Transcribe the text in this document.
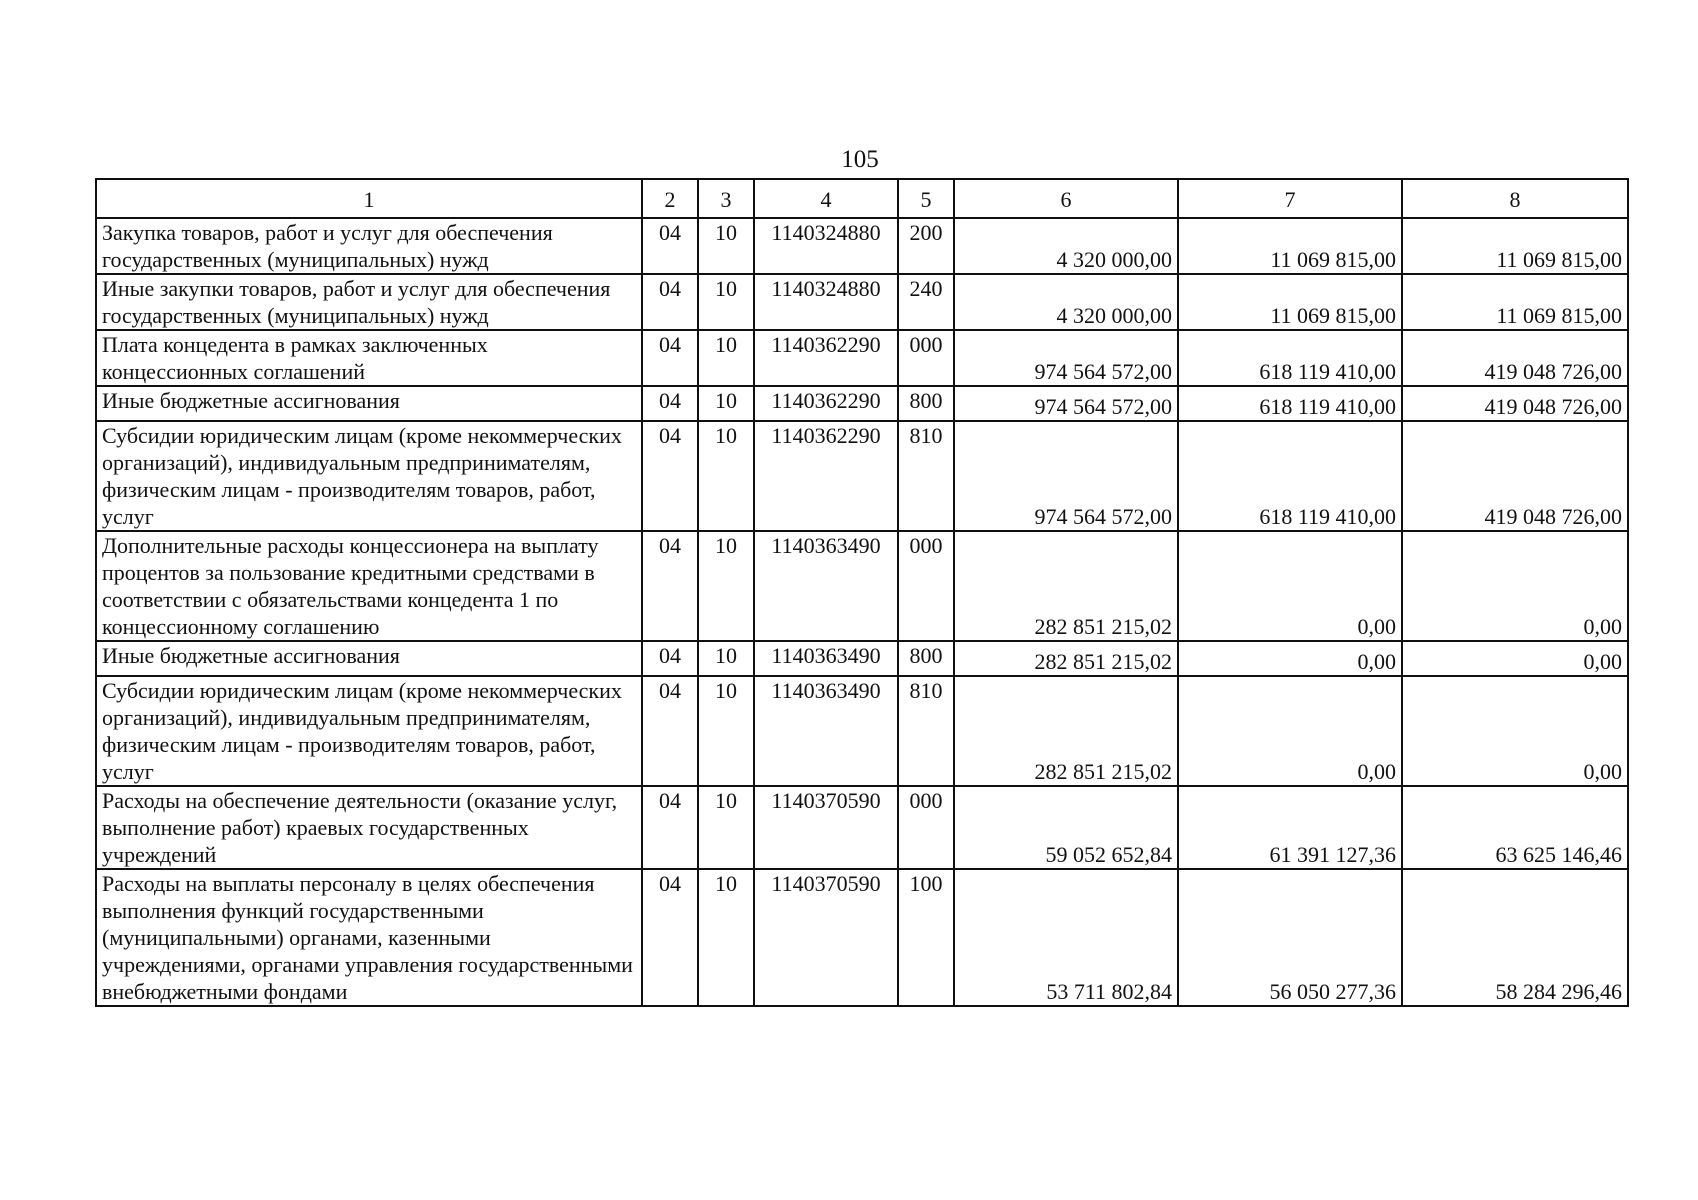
105
1	2	3	4	5	6	7	8
Закупка товаров, работ и услуг для обеспечения государственных (муниципальных) нужд	04	10	1140324880	200	4 320 000,00	11 069 815,00	11 069 815,00
Иные закупки товаров, работ и услуг для обеспечения государственных (муниципальных) нужд	04	10	1140324880	240	4 320 000,00	11 069 815,00	11 069 815,00
Плата концедента в рамках заключенных концессионных соглашений	04	10	1140362290	000	974 564 572,00	618 119 410,00	419 048 726,00
Иные бюджетные ассигнования	04	10	1140362290	800	974 564 572,00	618 119 410,00	419 048 726,00
Субсидии юридическим лицам (кроме некоммерческих организаций), индивидуальным предпринимателям, физическим лицам - производителям товаров, работ, услуг	04	10	1140362290	810	974 564 572,00	618 119 410,00	419 048 726,00
Дополнительные расходы концессионера на выплату процентов за пользование кредитными средствами в соответствии с обязательствами концедента 1 по концессионному соглашению	04	10	1140363490	000	282 851 215,02	0,00	0,00
Иные бюджетные ассигнования	04	10	1140363490	800	282 851 215,02	0,00	0,00
Субсидии юридическим лицам (кроме некоммерческих организаций), индивидуальным предпринимателям, физическим лицам - производителям товаров, работ, услуг	04	10	1140363490	810	282 851 215,02	0,00	0,00
Расходы на обеспечение деятельности (оказание услуг, выполнение работ) краевых государственных учреждений	04	10	1140370590	000	59 052 652,84	61 391 127,36	63 625 146,46
Расходы на выплаты персоналу в целях обеспечения выполнения функций государственными (муниципальными) органами, казенными учреждениями, органами управления государственными внебюджетными фондами	04	10	1140370590	100	53 711 802,84	56 050 277,36	58 284 296,46
